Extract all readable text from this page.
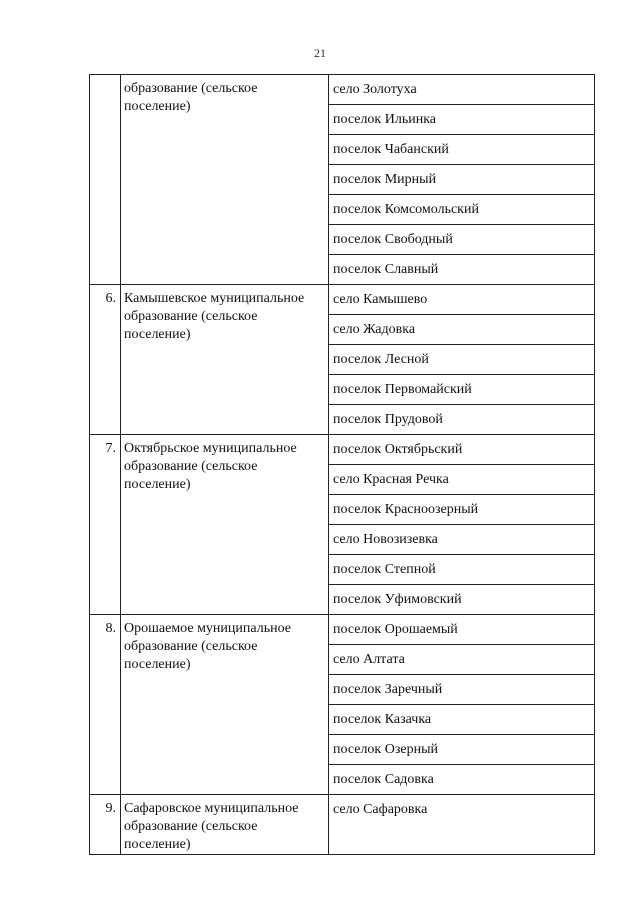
21
	образование (сельское поселение)	село Золотуха
		поселок Ильинка
		поселок Чабанский
		поселок Мирный
		поселок Комсомольский
		поселок Свободный
		поселок Славный
6.	Камышевское муниципальное образование (сельское поселение)	село Камышево
		село Жадовка
		поселок Лесной
		поселок Первомайский
		поселок Прудовой
7.	Октябрьское муниципальное образование (сельское поселение)	поселок Октябрьский
		село Красная Речка
		поселок Красноозерный
		село Новозизевка
		поселок Степной
		поселок Уфимовский
8.	Орошаемое муниципальное образование (сельское поселение)	поселок Орошаемый
		село Алтата
		поселок Заречный
		поселок Казачка
		поселок Озерный
		поселок Садовка
9.	Сафаровское муниципальное образование (сельское поселение)	село Сафаровка
